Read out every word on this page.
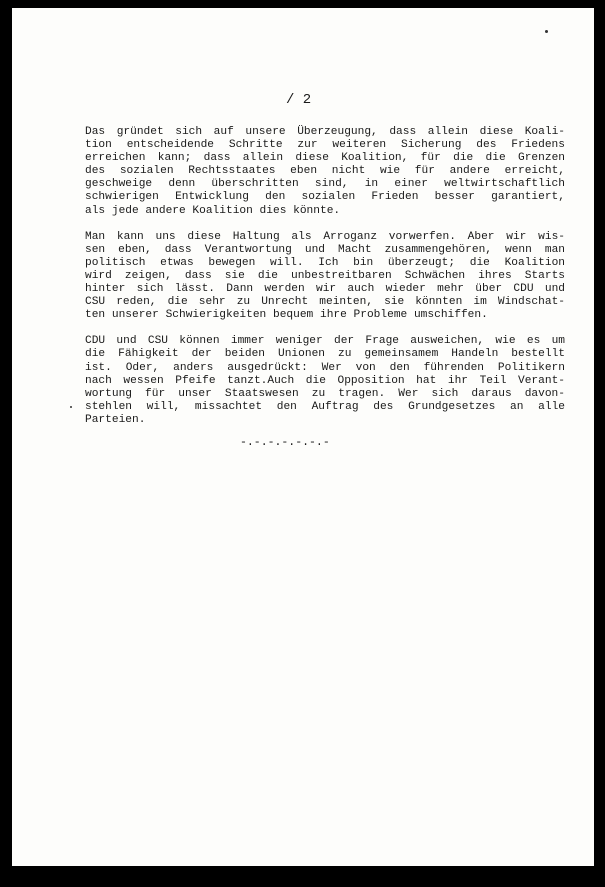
/ 2
Das gründet sich auf unsere Überzeugung, dass allein diese Koali-
tion entscheidende Schritte zur weiteren Sicherung des Friedens
erreichen kann; dass allein diese Koalition, für die die Grenzen
des sozialen Rechtsstaates eben nicht wie für andere erreicht,
geschweige denn überschritten sind, in einer weltwirtschaftlich
schwierigen Entwicklung den sozialen Frieden besser garantiert,
als jede andere Koalition dies könnte.
Man kann uns diese Haltung als Arroganz vorwerfen. Aber wir wis-
sen eben, dass Verantwortung und Macht zusammengehören, wenn man
politisch etwas bewegen will. Ich bin überzeugt; die Koalition
wird zeigen, dass sie die unbestreitbaren Schwächen ihres Starts
hinter sich lässt. Dann werden wir auch wieder mehr über CDU und
CSU reden, die sehr zu Unrecht meinten, sie könnten im Windschat-
ten unserer Schwierigkeiten bequem ihre Probleme umschiffen.
CDU und CSU können immer weniger der Frage ausweichen, wie es um
die Fähigkeit der beiden Unionen zu gemeinsamem Handeln bestellt
ist. Oder, anders ausgedrückt: Wer von den führenden Politikern
nach wessen Pfeife tanzt.Auch die Opposition hat ihr Teil Verant-
wortung für unser Staatswesen zu tragen. Wer sich daraus davon-
stehlen will, missachtet den Auftrag des Grundgesetzes an alle
Parteien.
-.-.-.-.-.-.-
